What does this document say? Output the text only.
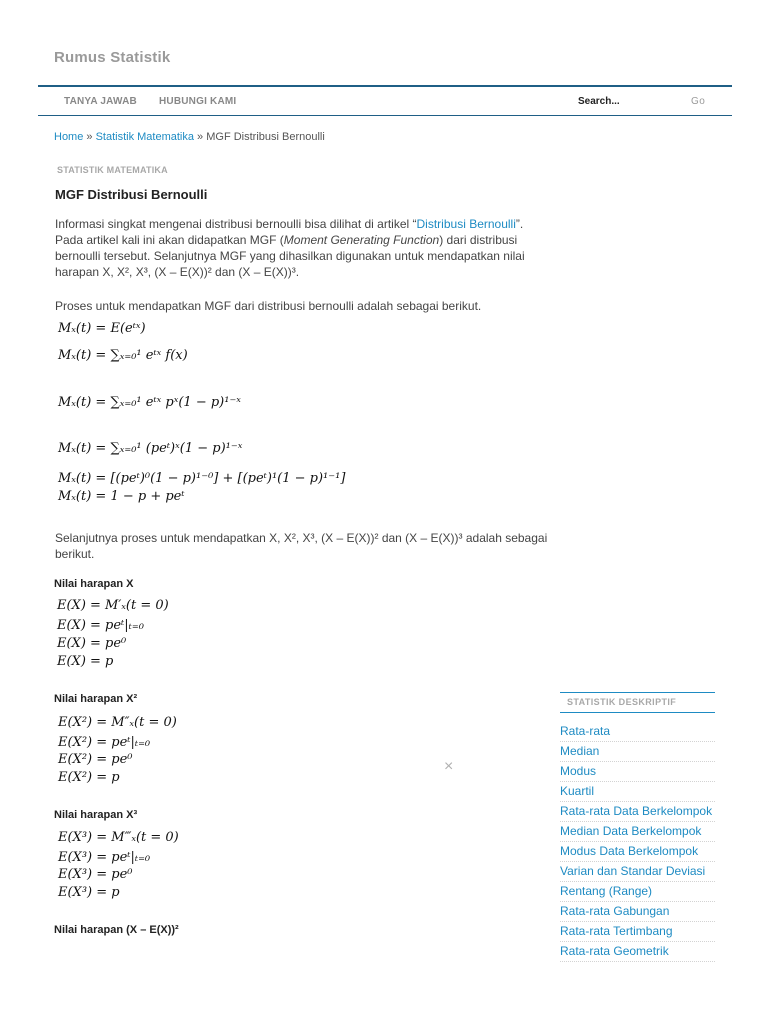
Rumus Statistik
TANYA JAWAB HUBUNGI KAMI	Search...	Go
Home » Statistik Matematika » MGF Distribusi Bernoulli
STATISTIK MATEMATIKA
MGF Distribusi Bernoulli
Informasi singkat mengenai distribusi bernoulli bisa dilihat di artikel “Distribusi Bernoulli”. Pada artikel kali ini akan didapatkan MGF (Moment Generating Function) dari distribusi bernoulli tersebut. Selanjutnya MGF yang dihasilkan digunakan untuk mendapatkan nilai harapan X, X², X³, (X – E(X))² dan (X – E(X))³.
Proses untuk mendapatkan MGF dari distribusi bernoulli adalah sebagai berikut.
Mₓ(t) = E(eᵗˣ)
Mₓ(t) = ∑ₓ₌₀¹ eᵗˣ f(x)
Mₓ(t) = ∑ₓ₌₀¹ eᵗˣ pˣ(1 − p)¹⁻ˣ
Mₓ(t) = ∑ₓ₌₀¹ (peᵗ)ˣ(1 − p)¹⁻ˣ
Mₓ(t) = [(peᵗ)⁰(1 − p)¹⁻⁰] + [(peᵗ)¹(1 − p)¹⁻¹]
Mₓ(t) = 1 − p + peᵗ
Selanjutnya proses untuk mendapatkan X, X², X³, (X – E(X))² dan (X – E(X))³ adalah sebagai berikut.
Nilai harapan X
E(X) = M′ₓ(t = 0)
E(X) = peᵗ|ₜ₌₀
E(X) = pe⁰
E(X) = p
Nilai harapan X²
E(X²) = M″ₓ(t = 0)
E(X²) = peᵗ|ₜ₌₀
E(X²) = pe⁰
E(X²) = p
Nilai harapan X³
E(X³) = M‴ₓ(t = 0)
E(X³) = peᵗ|ₜ₌₀
E(X³) = pe⁰
E(X³) = p
Nilai harapan (X – E(X))²
×
STATISTIK DESKRIPTIF
Rata-rata
Median
Modus
Kuartil
Rata-rata Data Berkelompok
Median Data Berkelompok
Modus Data Berkelompok
Varian dan Standar Deviasi
Rentang (Range)
Rata-rata Gabungan
Rata-rata Tertimbang
Rata-rata Geometrik
